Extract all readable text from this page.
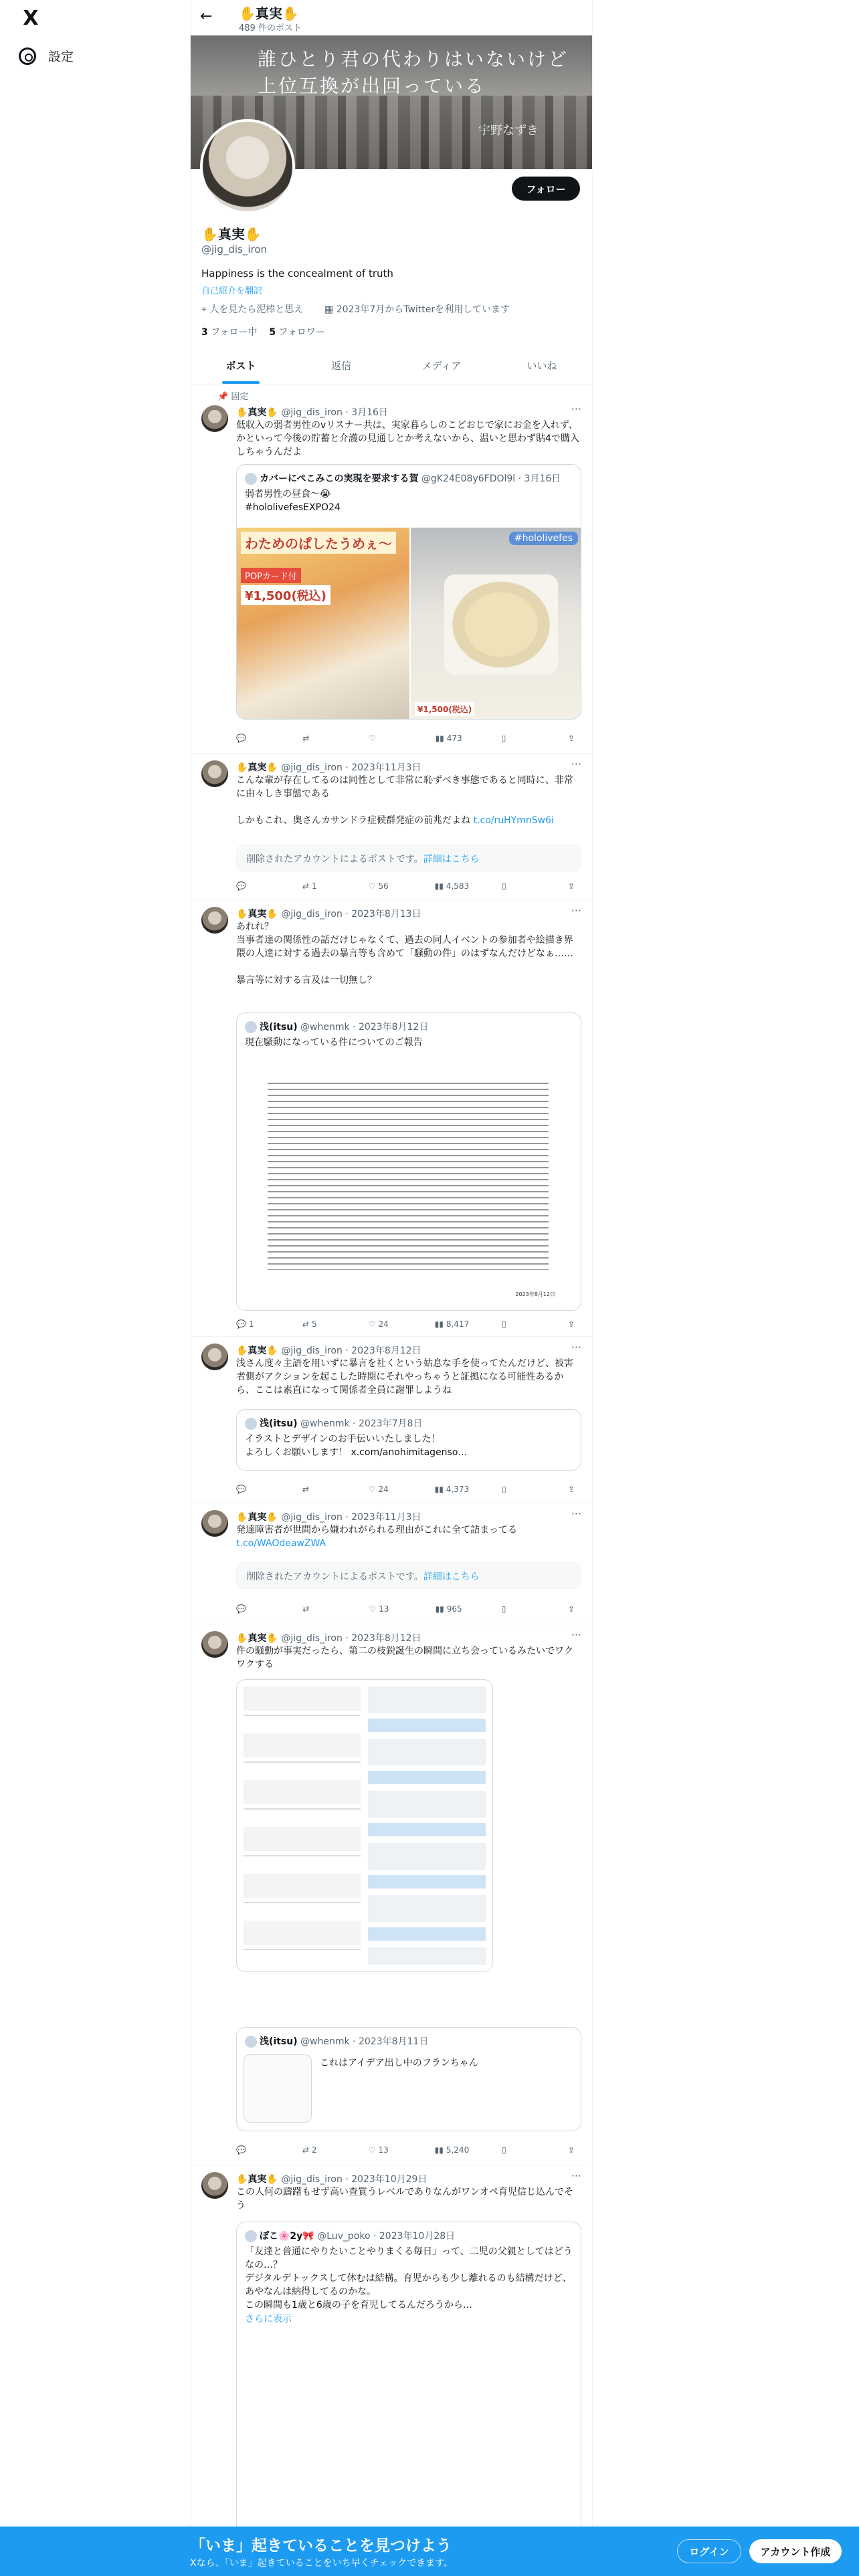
X
設定
← ✋真実✋
489 件のポスト
誰ひとり君の代わりはいないけど
上位互換が出回っている
宇野なずき
フォロー
✋真実✋
@jig_dis_iron
Happiness is the concealment of truth
自己紹介を翻訳
⌖ 人を見たら泥棒と思え ▦ 2023年7月からTwitterを利用しています
3 フォロー中 5 フォロワー
ポスト	返信	メディア	いいね
📌 固定
✋真実✋ @jig_dis_iron · 3月16日	···
低収入の弱者男性のvリスナー共は、実家暮らしのこどおじで家にお金を入れず、かといって今後の貯蓄と介護の見通しとか考えないから、温いと思わず貼4で購入しちゃうんだよ
カバーにぺこみこの実現を要求する賀 @gK24E08y6FDOl9l · 3月16日
弱者男性の昼食〜😭
#hololivefesEXPO24
わためのぱしたうめぇ〜
POPカード付
¥1,500(税込)
#hololivefes
¥1,500(税込)
💬	⇄	♡	▮▮ 473	▯	⇪
✋真実✋ @jig_dis_iron · 2023年11月3日	···
こんな輩が存在してるのは同性として非常に恥ずべき事態であると同時に、非常に由々しき事態である

しかもこれ、奥さんカサンドラ症候群発症の前兆だよね t.co/ruHYmnSw6i
削除されたアカウントによるポストです。詳細はこちら
💬	⇄ 1	♡ 56	▮▮ 4,583	▯	⇪
✋真実✋ @jig_dis_iron · 2023年8月13日	···
あれれ？
当事者達の関係性の話だけじゃなくて、過去の同人イベントの参加者や絵描き界隈の人達に対する過去の暴言等も含めて「騒動の件」のはずなんだけどなぁ……

暴言等に対する言及は一切無し？
浅(itsu) @whenmk · 2023年8月12日
現在騒動になっている件についてのご報告
2023年8月12日
💬 1	⇄ 5	♡ 24	▮▮ 8,417	▯	⇪
✋真実✋ @jig_dis_iron · 2023年8月12日	···
浅さん度々主語を用いずに暴言を社くという姑息な手を使ってたんだけど、被害者側がアクションを起こした時期にそれやっちゃうと証拠になる可能性あるから、ここは素直になって関係者全員に謝罪しようね
浅(itsu) @whenmk · 2023年7月8日
イラストとデザインのお手伝いいたしました！
よろしくお願いします！ x.com/anohimitagenso…
💬	⇄	♡ 24	▮▮ 4,373	▯	⇪
✋真実✋ @jig_dis_iron · 2023年11月3日	···
発達障害者が世間から嫌われがられる理由がこれに全て詰まってる
t.co/WAOdeawZWA
削除されたアカウントによるポストです。詳細はこちら
💬	⇄	♡ 13	▮▮ 965	▯	⇪
✋真実✋ @jig_dis_iron · 2023年8月12日	···
件の騒動が事実だったら、第二の枝鋭誕生の瞬間に立ち会っているみたいでワクワクする
浅(itsu) @whenmk · 2023年8月11日
これはアイデア出し中のフランちゃん
💬	⇄ 2	♡ 13	▮▮ 5,240	▯	⇪
✋真実✋ @jig_dis_iron · 2023年10月29日	···
この人何の躊躇もせず高い查質うレベルでありなんがワンオペ育児信じ込んでそう
ぽこ🌸2y🎀 @Luv_poko · 2023年10月28日
「友達と普通にやりたいことやりまくる毎日」って、二児の父親としてはどうなの…？
デジタルデトックスして休むは結構。育児からも少し離れるのも結構だけど、あやなんは納得してるのかな。
この瞬間も1歳と6歳の子を育児してるんだろうから…
さらに表示
「いま」起きていることを見つけよう
Xなら、「いま」起きていることをいち早くチェックできます。
ログイン	アカウント作成
